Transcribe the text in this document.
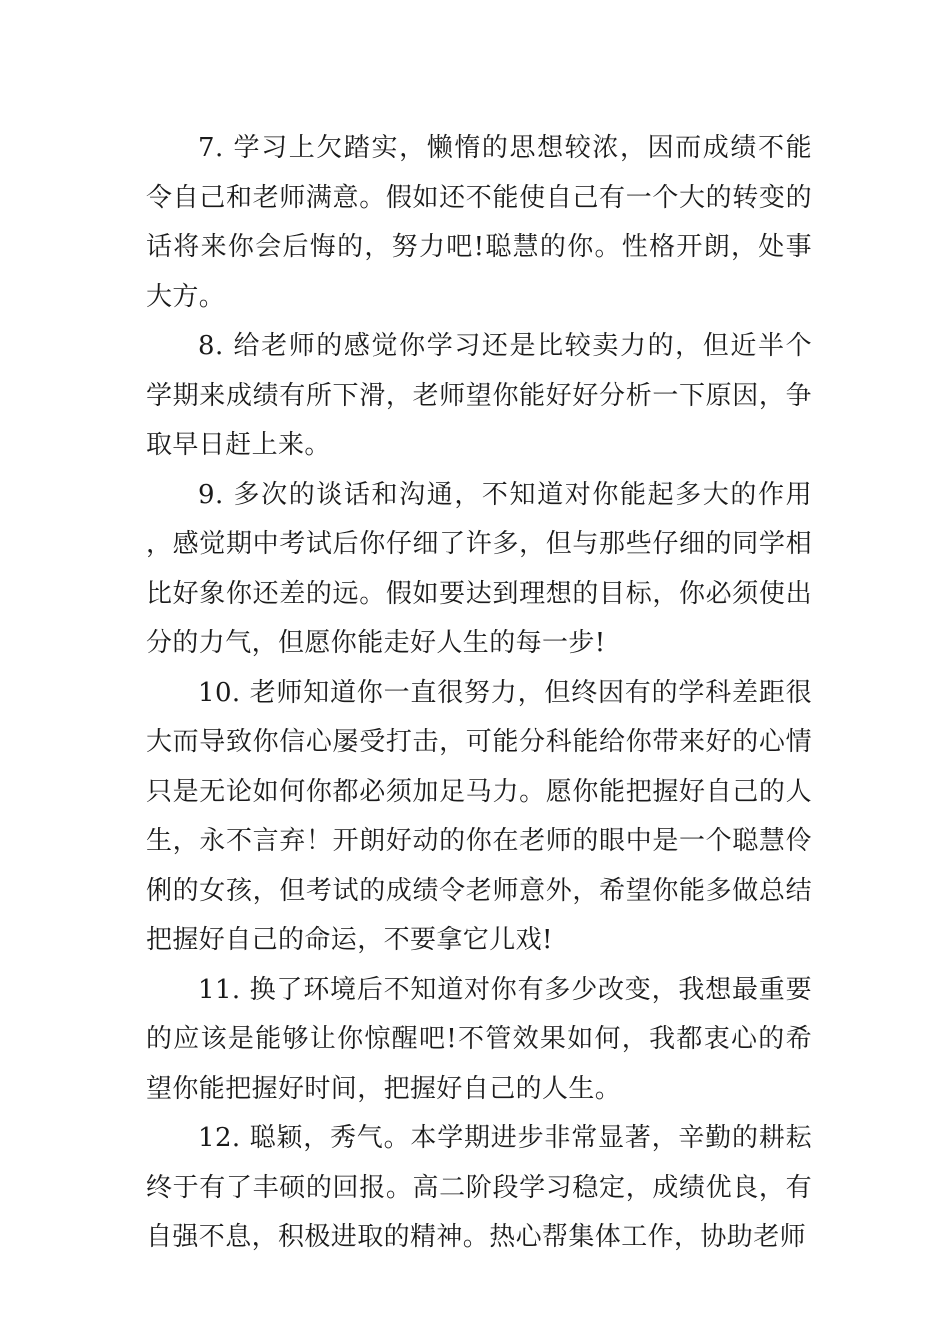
7. 学习上欠踏实，懒惰的思想较浓，因而成绩不能令自己和老师满意。假如还不能使自己有一个大的转变的话将来你会后悔的，努力吧!聪慧的你。性格开朗，处事大方。

8. 给老师的感觉你学习还是比较卖力的，但近半个学期来成绩有所下滑，老师望你能好好分析一下原因，争取早日赶上来。

9. 多次的谈话和沟通，不知道对你能起多大的作用，感觉期中考试后你仔细了许多，但与那些仔细的同学相比好象你还差的远。假如要达到理想的目标，你必须使出分的力气，但愿你能走好人生的每一步!

10. 老师知道你一直很努力，但终因有的学科差距很大而导致你信心屡受打击，可能分科能给你带来好的心情只是无论如何你都必须加足马力。愿你能把握好自己的人生，永不言弃！开朗好动的你在老师的眼中是一个聪慧伶俐的女孩，但考试的成绩令老师意外，希望你能多做总结把握好自己的命运，不要拿它儿戏!

11. 换了环境后不知道对你有多少改变，我想最重要的应该是能够让你惊醒吧!不管效果如何，我都衷心的希望你能把握好时间，把握好自己的人生。

12. 聪颖，秀气。本学期进步非常显著，辛勤的耕耘终于有了丰硕的回报。高二阶段学习稳定，成绩优良，有自强不息，积极进取的精神。热心帮集体工作，协助老师
